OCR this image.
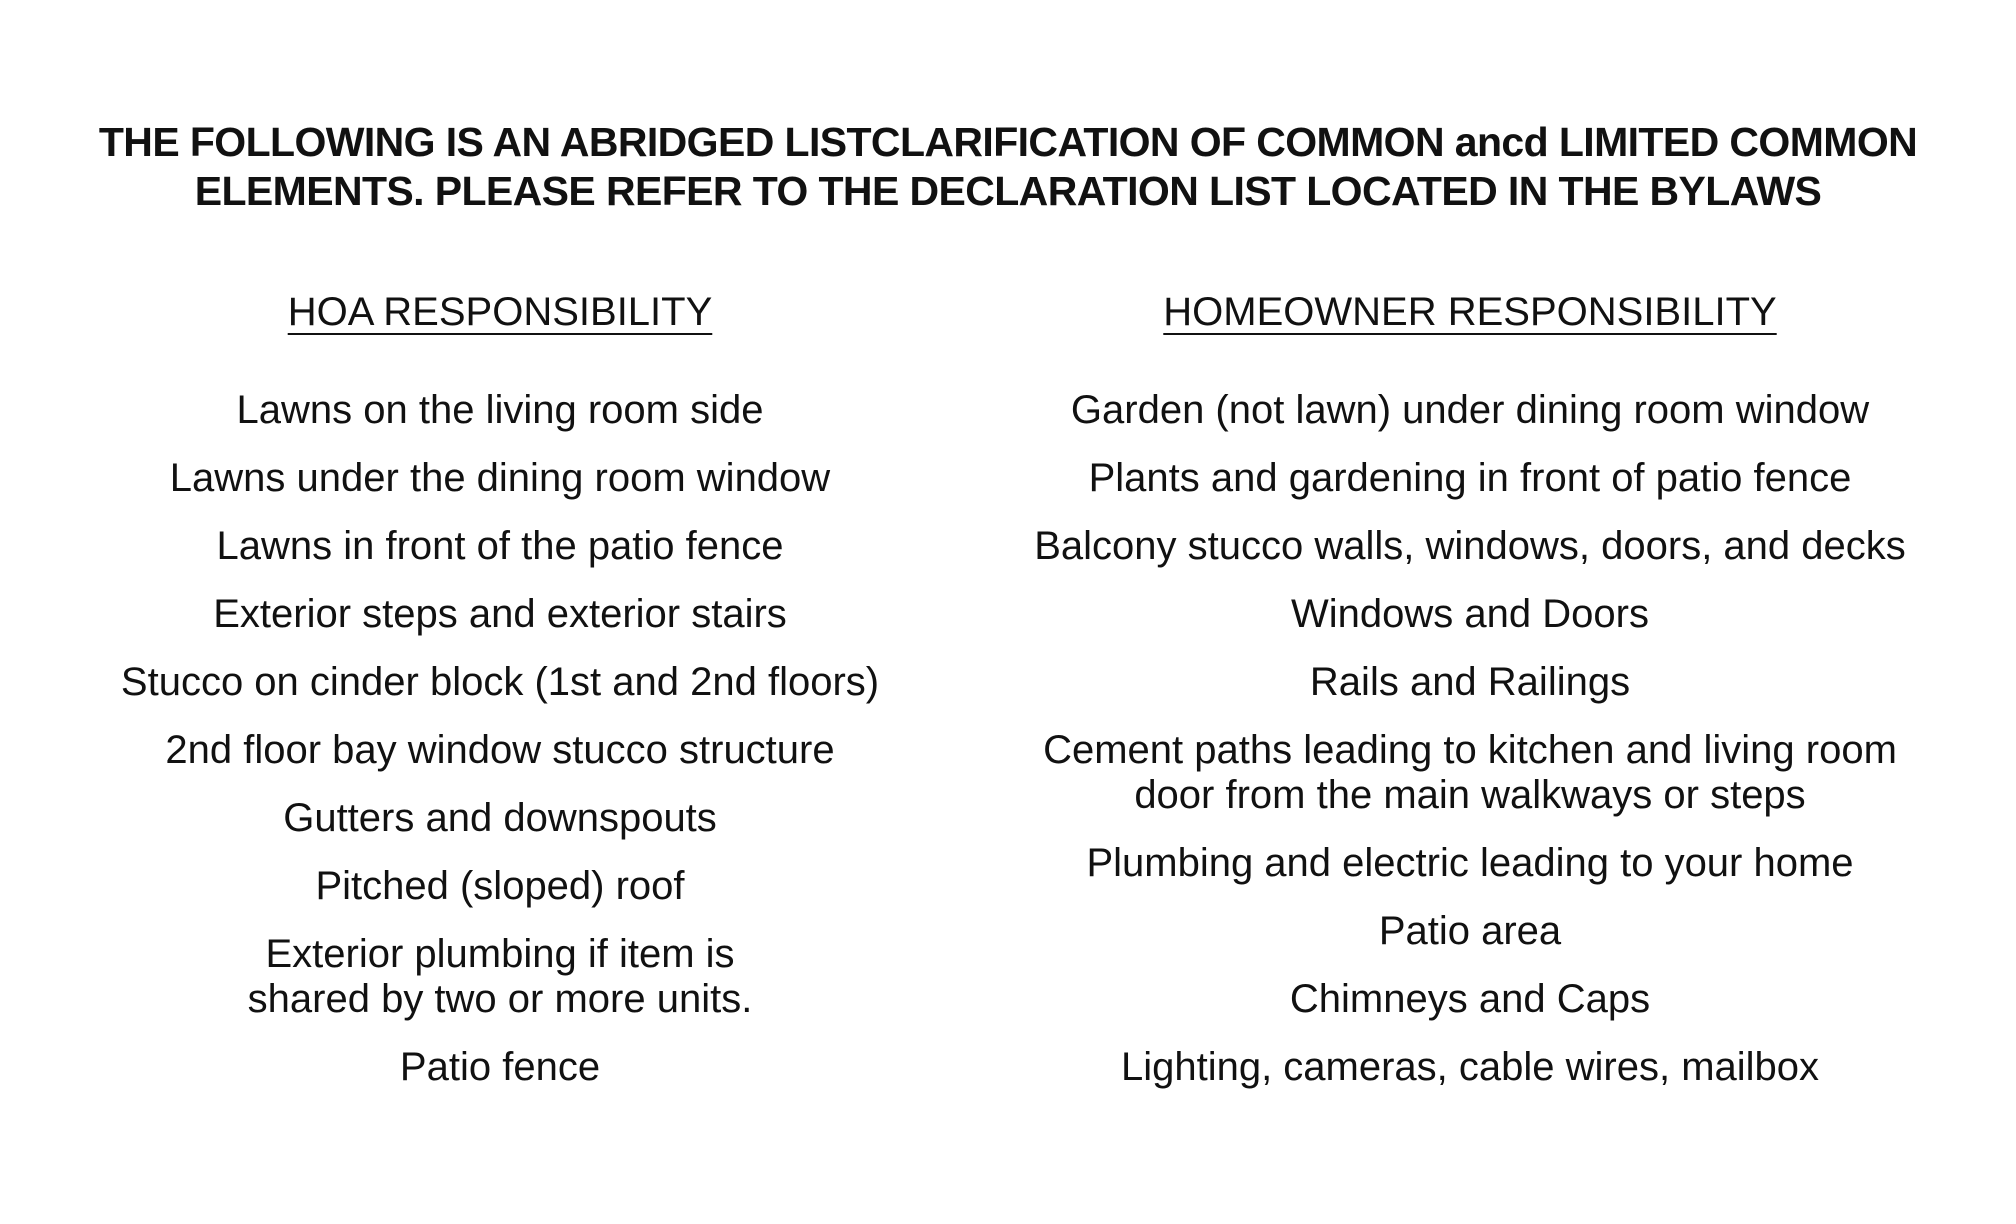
THE FOLLOWING IS AN ABRIDGED LISTCLARIFICATION OF COMMON ancd LIMITED COMMON
ELEMENTS. PLEASE REFER TO THE DECLARATION LIST LOCATED IN THE BYLAWS
HOA RESPONSIBILITY
Lawns on the living room side
Lawns under the dining room window
Lawns in front of the patio fence
Exterior steps and exterior stairs
Stucco on cinder block (1st and 2nd floors)
2nd floor bay window stucco structure
Gutters and downspouts
Pitched (sloped) roof
Exterior plumbing if item is
shared by two or more units.
Patio fence
HOMEOWNER RESPONSIBILITY
Garden (not lawn) under dining room window
Plants and gardening in front of patio fence
Balcony stucco walls, windows, doors, and decks
Windows and Doors
Rails and Railings
Cement paths leading to kitchen and living room
door from the main walkways or steps
Plumbing and electric leading to your home
Patio area
Chimneys and Caps
Lighting, cameras, cable wires, mailbox
